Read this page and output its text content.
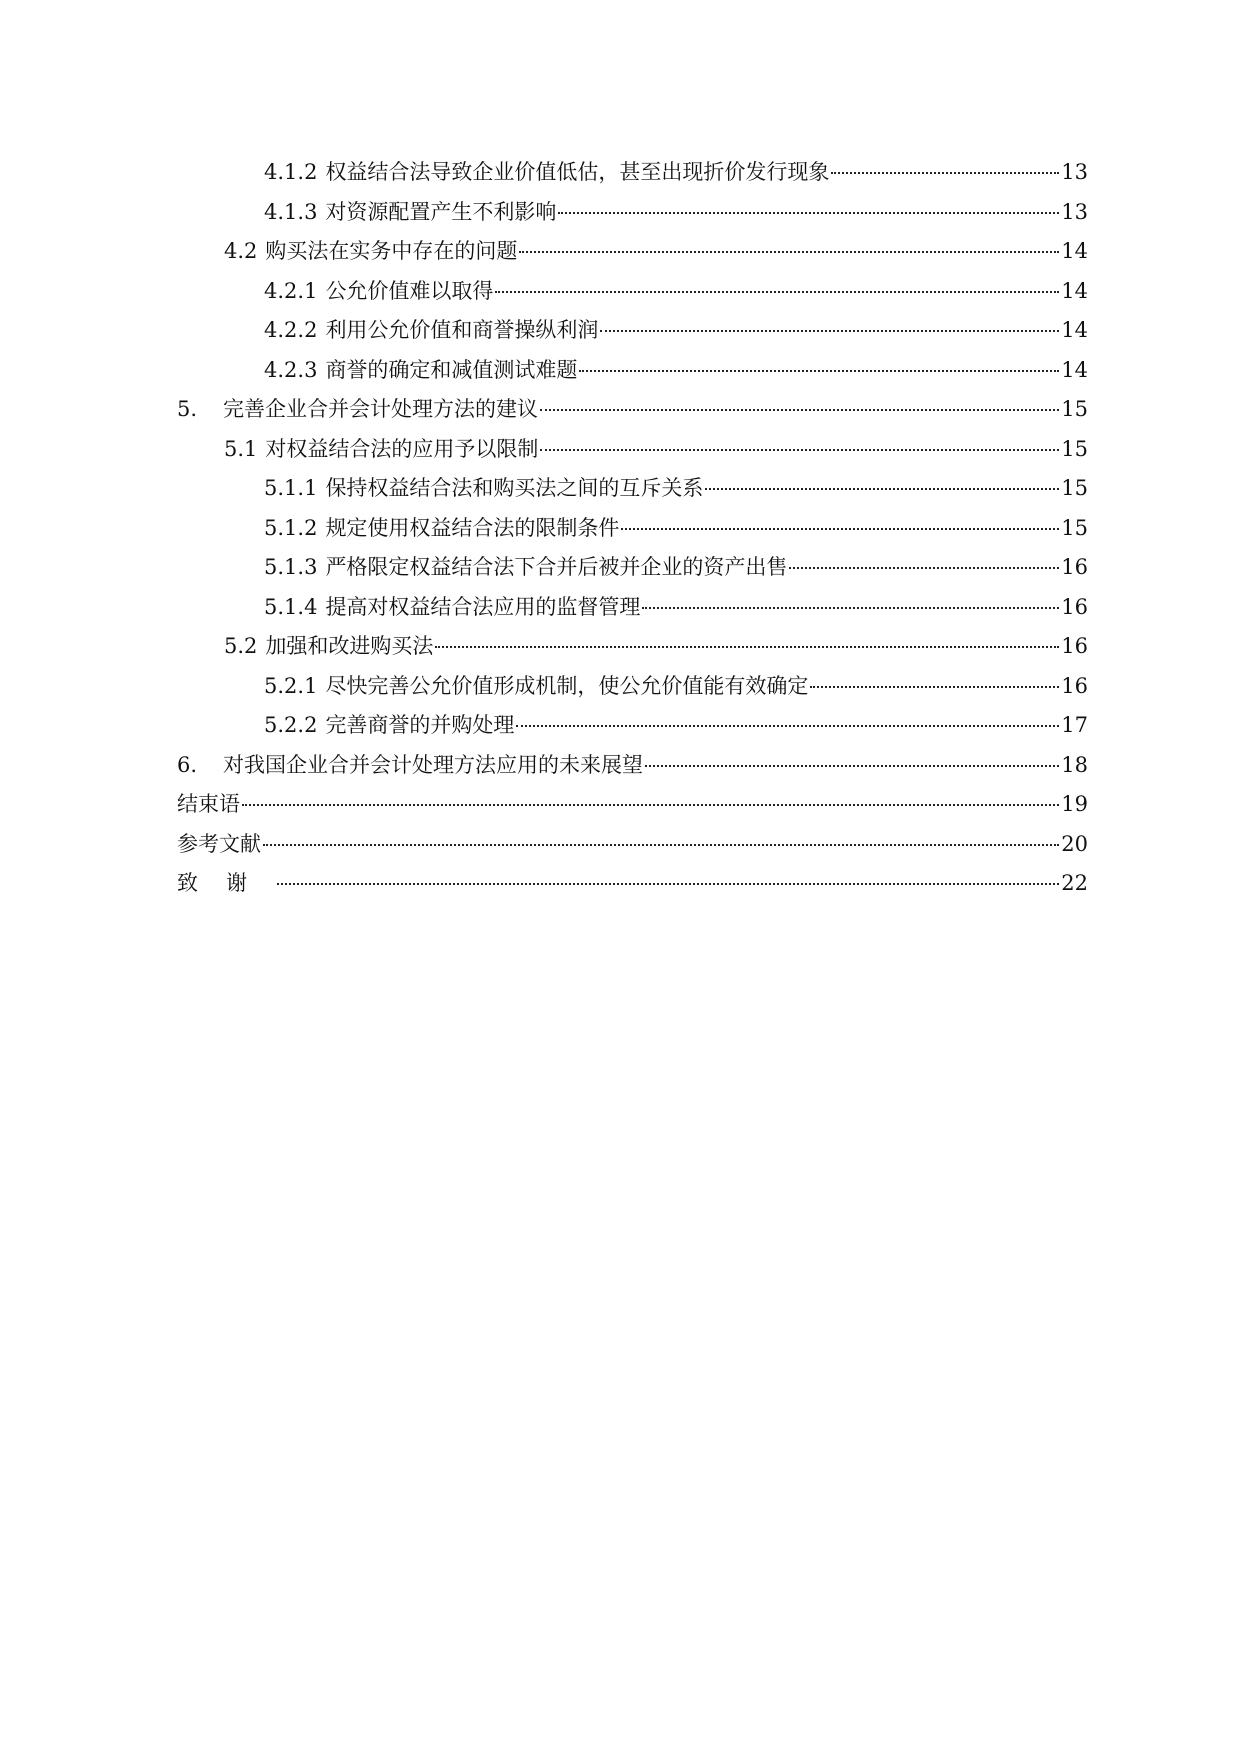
4.1.2 权益结合法导致企业价值低估，甚至出现折价发行现象	13
4.1.3 对资源配置产生不利影响	13
4.2 购买法在实务中存在的问题	14
4.2.1 公允价值难以取得	14
4.2.2 利用公允价值和商誉操纵利润	14
4.2.3 商誉的确定和减值测试难题	14
5. 完善企业合并会计处理方法的建议	15
5.1 对权益结合法的应用予以限制	15
5.1.1 保持权益结合法和购买法之间的互斥关系	15
5.1.2 规定使用权益结合法的限制条件	15
5.1.3 严格限定权益结合法下合并后被并企业的资产出售	16
5.1.4 提高对权益结合法应用的监督管理	16
5.2 加强和改进购买法	16
5.2.1 尽快完善公允价值形成机制，使公允价值能有效确定	16
5.2.2 完善商誉的并购处理	17
6. 对我国企业合并会计处理方法应用的未来展望	18
结束语	19
参考文献	20
致谢	22
